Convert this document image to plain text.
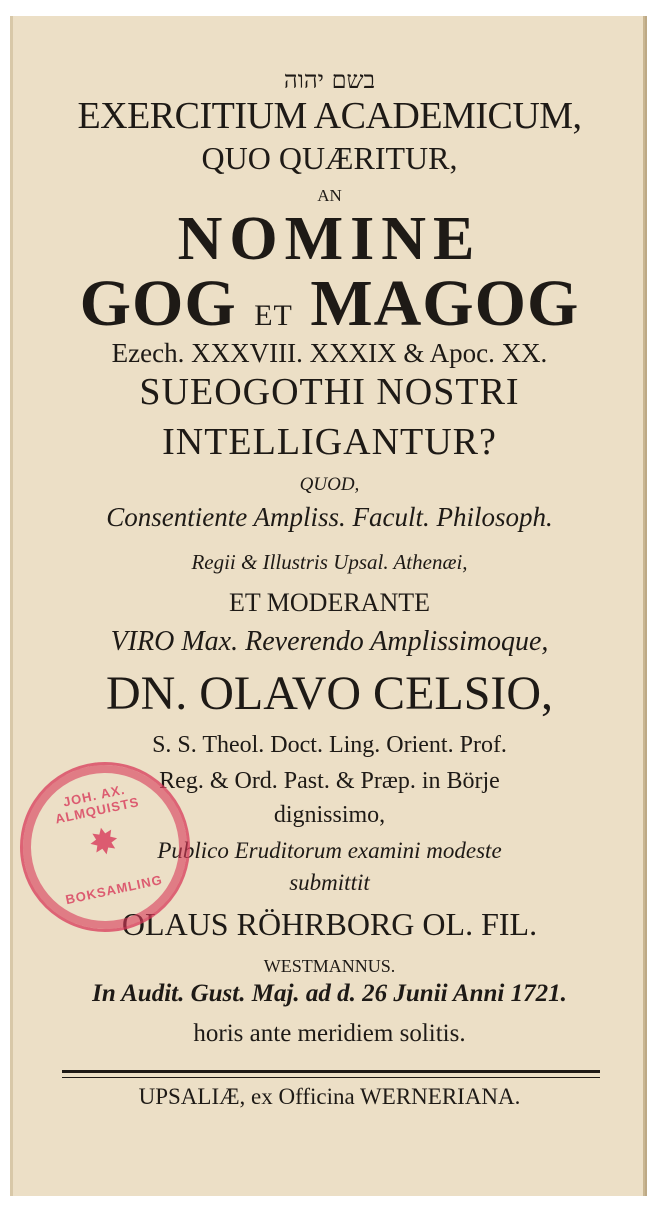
בשם יהוה
EXERCITIUM ACADEMICUM,
QUO QUÆRITUR,
AN
NOMINE
GOG ET MAGOG
Ezech. XXXVIII. XXXIX & Apoc. XX.
SUEOGOTHI NOSTRI
INTELLIGANTUR?
QUOD,
Consentiente Ampliss. Facult. Philosoph.
Regii & Illustris Upsal. Athenæi,
ET MODERANTE
VIRO Max. Reverendo Amplissimoque,
DN. OLAVO CELSIO,
S. S. Theol. Doct. Ling. Orient. Prof.
Reg. & Ord. Past. & Præp. in Börje
dignissimo,
Publico Eruditorum examini modeste
submittit
OLAUS RÖHRBORG OL. FIL.
WESTMANNUS.
In Audit. Gust. Maj. ad d. 26 Junii Anni 1721.
horis ante meridiem solitis.
UPSALIÆ, ex Officina WERNERIANA.
JOH. AX. ALMQUISTS
✸
BOKSAMLING
